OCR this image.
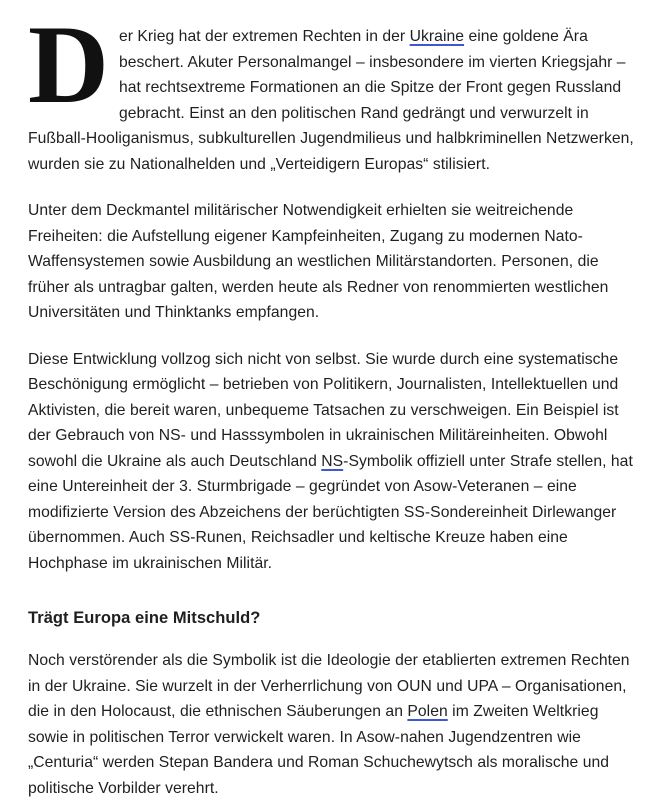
Der Krieg hat der extremen Rechten in der Ukraine eine goldene Ära beschert. Akuter Personalmangel – insbesondere im vierten Kriegsjahr – hat rechtsextreme Formationen an die Spitze der Front gegen Russland gebracht. Einst an den politischen Rand gedrängt und verwurzelt in Fußball-Hooliganismus, subkulturellen Jugendmilieus und halbkriminellen Netzwerken, wurden sie zu Nationalhelden und „Verteidigern Europas“ stilisiert.

Unter dem Deckmantel militärischer Notwendigkeit erhielten sie weitreichende Freiheiten: die Aufstellung eigener Kampfeinheiten, Zugang zu modernen Nato-Waffensystemen sowie Ausbildung an westlichen Militärstandorten. Personen, die früher als untragbar galten, werden heute als Redner von renommierten westlichen Universitäten und Thinktanks empfangen.

Diese Entwicklung vollzog sich nicht von selbst. Sie wurde durch eine systematische Beschönigung ermöglicht – betrieben von Politikern, Journalisten, Intellektuellen und Aktivisten, die bereit waren, unbequeme Tatsachen zu verschweigen. Ein Beispiel ist der Gebrauch von NS- und Hasssymbolen in ukrainischen Militäreinheiten. Obwohl sowohl die Ukraine als auch Deutschland NS-Symbolik offiziell unter Strafe stellen, hat eine Untereinheit der 3. Sturmbrigade – gegründet von Asow-Veteranen – eine modifizierte Version des Abzeichens der berüchtigten SS-Sondereinheit Dirlewanger übernommen. Auch SS-Runen, Reichsadler und keltische Kreuze haben eine Hochphase im ukrainischen Militär.

Trägt Europa eine Mitschuld?

Noch verstörender als die Symbolik ist die Ideologie der etablierten extremen Rechten in der Ukraine. Sie wurzelt in der Verherrlichung von OUN und UPA – Organisationen, die in den Holocaust, die ethnischen Säuberungen an Polen im Zweiten Weltkrieg sowie in politischen Terror verwickelt waren. In Asow-nahen Jugendzentren wie „Centuria“ werden Stepan Bandera und Roman Schuchewytsch als moralische und politische Vorbilder verehrt.
